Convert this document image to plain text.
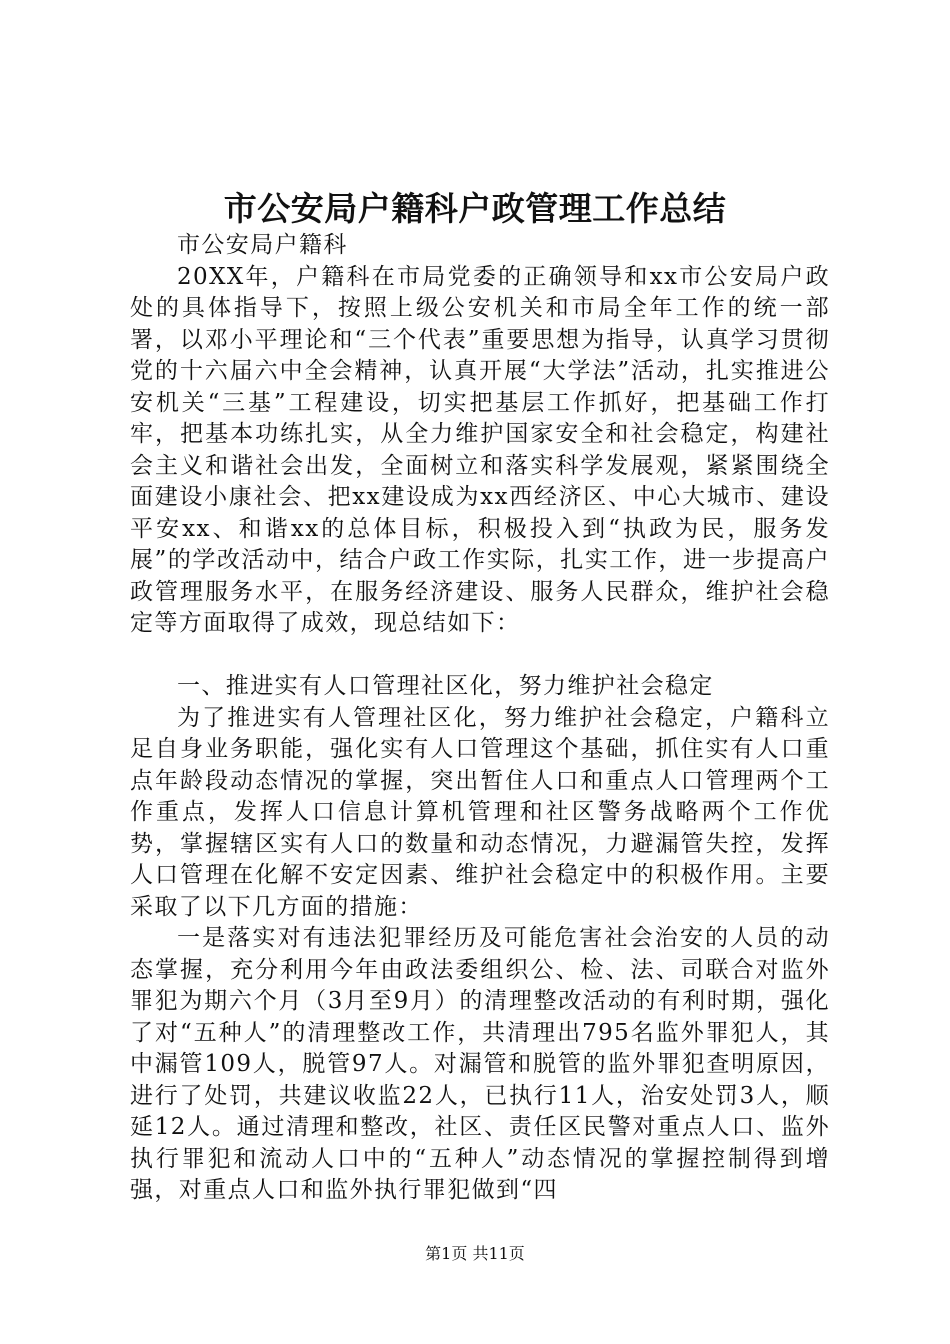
市公安局户籍科户政管理工作总结

市公安局户籍科

20XX年，户籍科在市局党委的正确领导和xx市公安局户政处的具体指导下，按照上级公安机关和市局全年工作的统一部署，以邓小平理论和“三个代表”重要思想为指导，认真学习贯彻党的十六届六中全会精神，认真开展“大学法”活动，扎实推进公安机关“三基”工程建设，切实把基层工作抓好，把基础工作打牢，把基本功练扎实，从全力维护国家安全和社会稳定，构建社会主义和谐社会出发，全面树立和落实科学发展观，紧紧围绕全面建设小康社会、把xx建设成为xx西经济区、中心大城市、建设平安xx、和谐xx的总体目标，积极投入到“执政为民，服务发展”的学改活动中，结合户政工作实际，扎实工作，进一步提高户政管理服务水平，在服务经济建设、服务人民群众，维护社会稳定等方面取得了成效，现总结如下：

一、推进实有人口管理社区化，努力维护社会稳定

为了推进实有人管理社区化，努力维护社会稳定，户籍科立足自身业务职能，强化实有人口管理这个基础，抓住实有人口重点年龄段动态情况的掌握，突出暂住人口和重点人口管理两个工作重点，发挥人口信息计算机管理和社区警务战略两个工作优势，掌握辖区实有人口的数量和动态情况，力避漏管失控，发挥人口管理在化解不安定因素、维护社会稳定中的积极作用。主要采取了以下几方面的措施：

一是落实对有违法犯罪经历及可能危害社会治安的人员的动态掌握，充分利用今年由政法委组织公、检、法、司联合对监外罪犯为期六个月（3月至9月）的清理整改活动的有利时期，强化了对“五种人”的清理整改工作，共清理出795名监外罪犯人，其中漏管109人，脱管97人。对漏管和脱管的监外罪犯查明原因，进行了处罚，共建议收监22人，已执行11人，治安处罚3人，顺延12人。通过清理和整改，社区、责任区民警对重点人口、监外执行罪犯和流动人口中的“五种人”动态情况的掌握控制得到增强，对重点人口和监外执行罪犯做到“四

第1页 共11页
